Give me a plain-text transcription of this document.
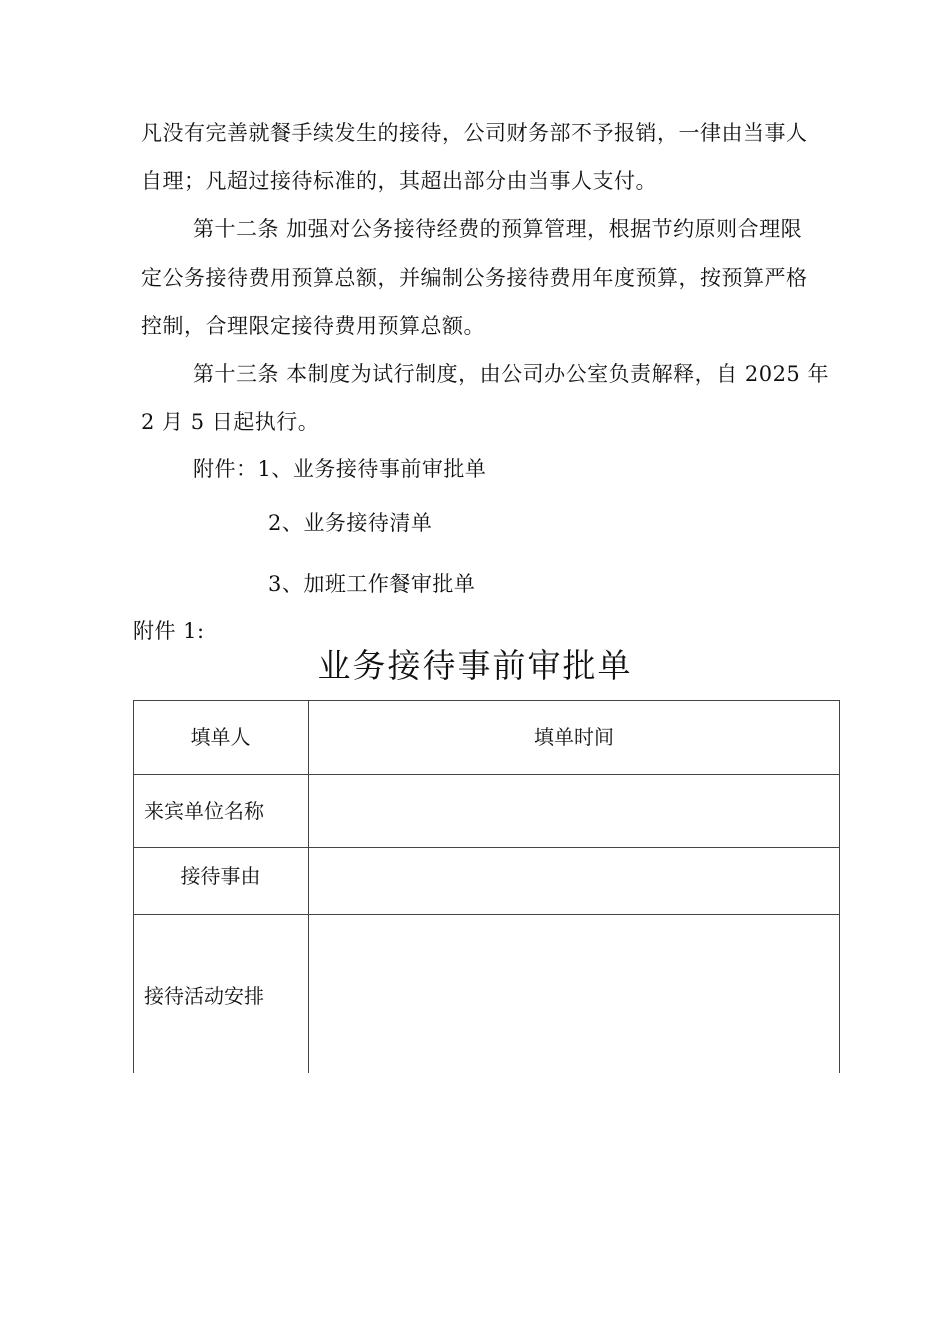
凡没有完善就餐手续发生的接待，公司财务部不予报销，一律由当事人
自理；凡超过接待标准的，其超出部分由当事人支付。
第十二条 加强对公务接待经费的预算管理，根据节约原则合理限
定公务接待费用预算总额，并编制公务接待费用年度预算，按预算严格
控制，合理限定接待费用预算总额。
第十三条 本制度为试行制度，由公司办公室负责解释，自 2025 年
2 月 5 日起执行。
附件：1、业务接待事前审批单
2、业务接待清单
3、加班工作餐审批单
附件 1:
业务接待事前审批单
填单人	填单时间
来宾单位名称
接待事由
接待活动安排
